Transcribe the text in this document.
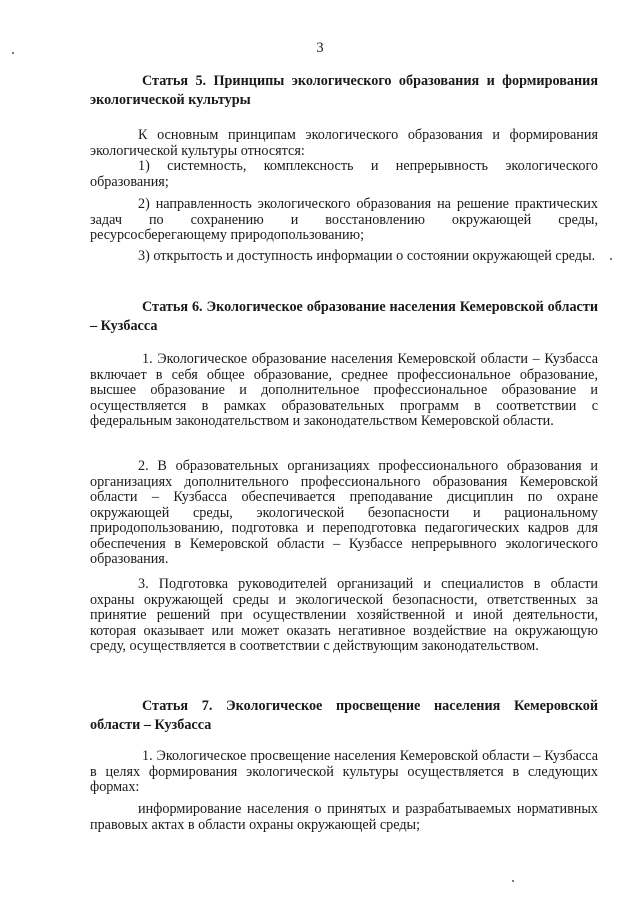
3
Статья 5. Принципы экологического образования и формирования экологической культуры
К основным принципам экологического образования и формирования экологической культуры относятся:
1) системность, комплексность и непрерывность экологического образования;
2) направленность экологического образования на решение практических задач по сохранению и восстановлению окружающей среды, ресурсосберегающему природопользованию;
3) открытость и доступность информации о состоянии окружающей среды.
Статья 6. Экологическое образование населения Кемеровской области – Кузбасса
1. Экологическое образование населения Кемеровской области – Кузбасса включает в себя общее образование, среднее профессиональное образование, высшее образование и дополнительное профессиональное образование и осуществляется в рамках образовательных программ в соответствии с федеральным законодательством и законодательством Кемеровской области.
2. В образовательных организациях профессионального образования и организациях дополнительного профессионального образования Кемеровской области – Кузбасса обеспечивается преподавание дисциплин по охране окружающей среды, экологической безопасности и рациональному природопользованию, подготовка и переподготовка педагогических кадров для обеспечения в Кемеровской области – Кузбассе непрерывного экологического образования.
3. Подготовка руководителей организаций и специалистов в области охраны окружающей среды и экологической безопасности, ответственных за принятие решений при осуществлении хозяйственной и иной деятельности, которая оказывает или может оказать негативное воздействие на окружающую среду, осуществляется в соответствии с действующим законодательством.
Статья 7. Экологическое просвещение населения Кемеровской области – Кузбасса
1. Экологическое просвещение населения Кемеровской области – Кузбасса в целях формирования экологической культуры осуществляется в следующих формах:
информирование населения о принятых и разрабатываемых нормативных правовых актах в области охраны окружающей среды;
